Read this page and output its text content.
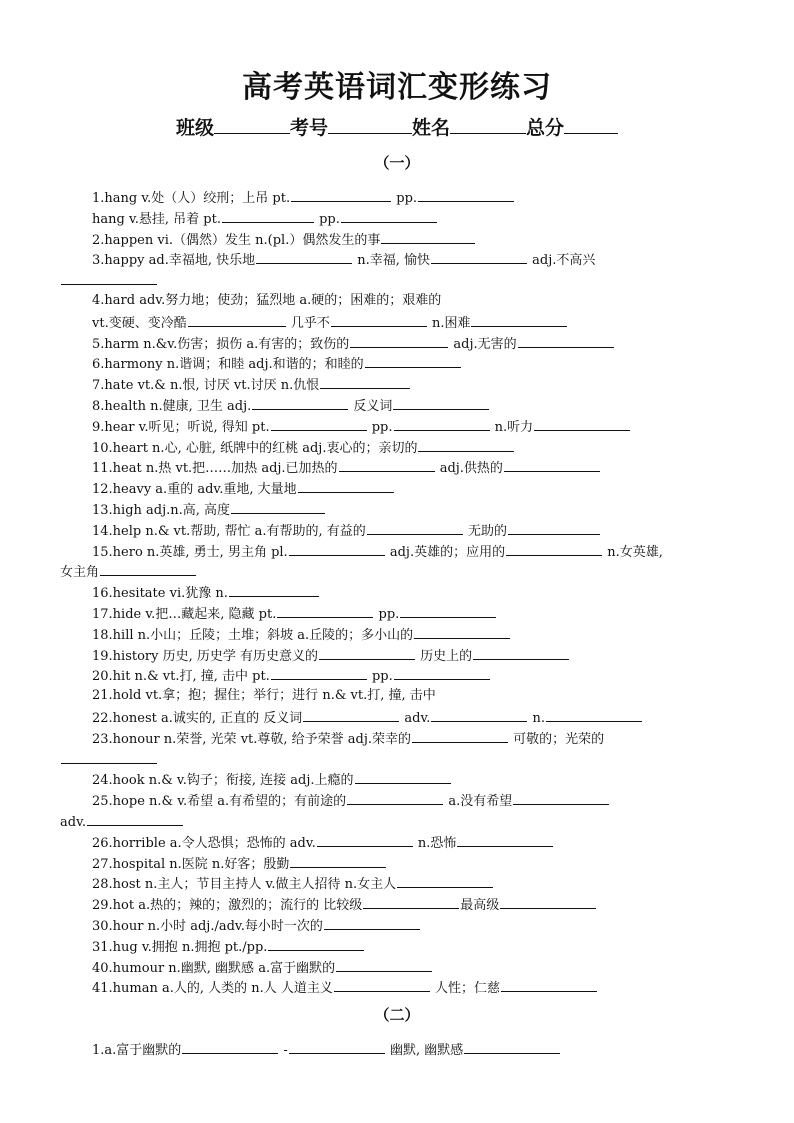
高考英语词汇变形练习
班级	考号	姓名	总分
（一）
（二）
1.hang v.处（人）绞刑；上吊 pt.	pp.
hang v.悬挂, 吊着 pt.	pp.
2.happen vi.（偶然）发生 n.(pl.）偶然发生的事
3.happy ad.幸福地, 快乐地	n.幸福, 愉快	adj.不高兴
4.hard adv.努力地；使劲；猛烈地 a.硬的；困难的；艰难的
vt.变硬、变冷酷	几乎不	n.困难
5.harm n.&v.伤害；损伤 a.有害的；致伤的	adj.无害的
6.harmony n.谐调；和睦 adj.和谐的；和睦的
7.hate vt.& n.恨, 讨厌 vt.讨厌 n.仇恨
8.health n.健康, 卫生 adj.	反义词
9.hear v.听见；听说, 得知 pt.	pp.	n.听力
10.heart n.心, 心脏, 纸牌中的红桃 adj.衷心的；亲切的
11.heat n.热 vt.把……加热 adj.已加热的	adj.供热的
12.heavy a.重的 adv.重地, 大量地
13.high adj.n.高, 高度
14.help n.& vt.帮助, 帮忙 a.有帮助的, 有益的	无助的
15.hero n.英雄, 勇士, 男主角 pl.	adj.英雄的；应用的	n.女英雄,
女主角
16.hesitate vi.犹豫 n.
17.hide v.把…藏起来, 隐藏 pt.	pp.
18.hill n.小山；丘陵；土堆；斜坡 a.丘陵的；多小山的
19.history 历史, 历史学 有历史意义的	历史上的
20.hit n.& vt.打, 撞, 击中 pt.	pp.
21.hold vt.拿；抱；握住；举行；进行 n.& vt.打, 撞, 击中
22.honest a.诚实的, 正直的 反义词	adv.	n.
23.honour n.荣誉, 光荣 vt.尊敬, 给予荣誉 adj.荣幸的	可敬的；光荣的
24.hook n.& v.钩子；衔接, 连接 adj.上瘾的
25.hope n.& v.希望 a.有希望的；有前途的	a.没有希望
adv.
26.horrible a.令人恐惧；恐怖的 adv.	n.恐怖
27.hospital n.医院 n.好客；殷勤
28.host n.主人；节目主持人 v.做主人招待 n.女主人
29.hot a.热的；辣的；激烈的；流行的 比较级	最高级
30.hour n.小时 adj./adv.每小时一次的
31.hug v.拥抱 n.拥抱 pt./pp.
40.humour n.幽默, 幽默感 a.富于幽默的
41.human a.人的, 人类的 n.人 人道主义	人性；仁慈
1.a.富于幽默的	-	幽默, 幽默感
